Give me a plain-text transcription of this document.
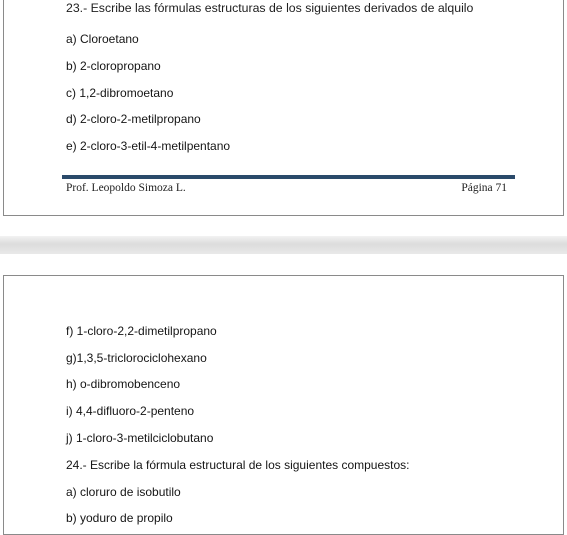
23.- Escribe las fórmulas estructuras de los siguientes derivados de alquilo

a) Cloroetano

b) 2-cloropropano

c) 1,2-dibromoetano

d) 2-cloro-2-metilpropano

e) 2-cloro-3-etil-4-metilpentano

Prof. Leopoldo Simoza L.	Página 71

f) 1-cloro-2,2-dimetilpropano

g)1,3,5-triclorociclohexano

h) o-dibromobenceno

i) 4,4-difluoro-2-penteno

j) 1-cloro-3-metilciclobutano

24.- Escribe la fórmula estructural de los siguientes compuestos:

a) cloruro de isobutilo

b) yoduro de propilo
